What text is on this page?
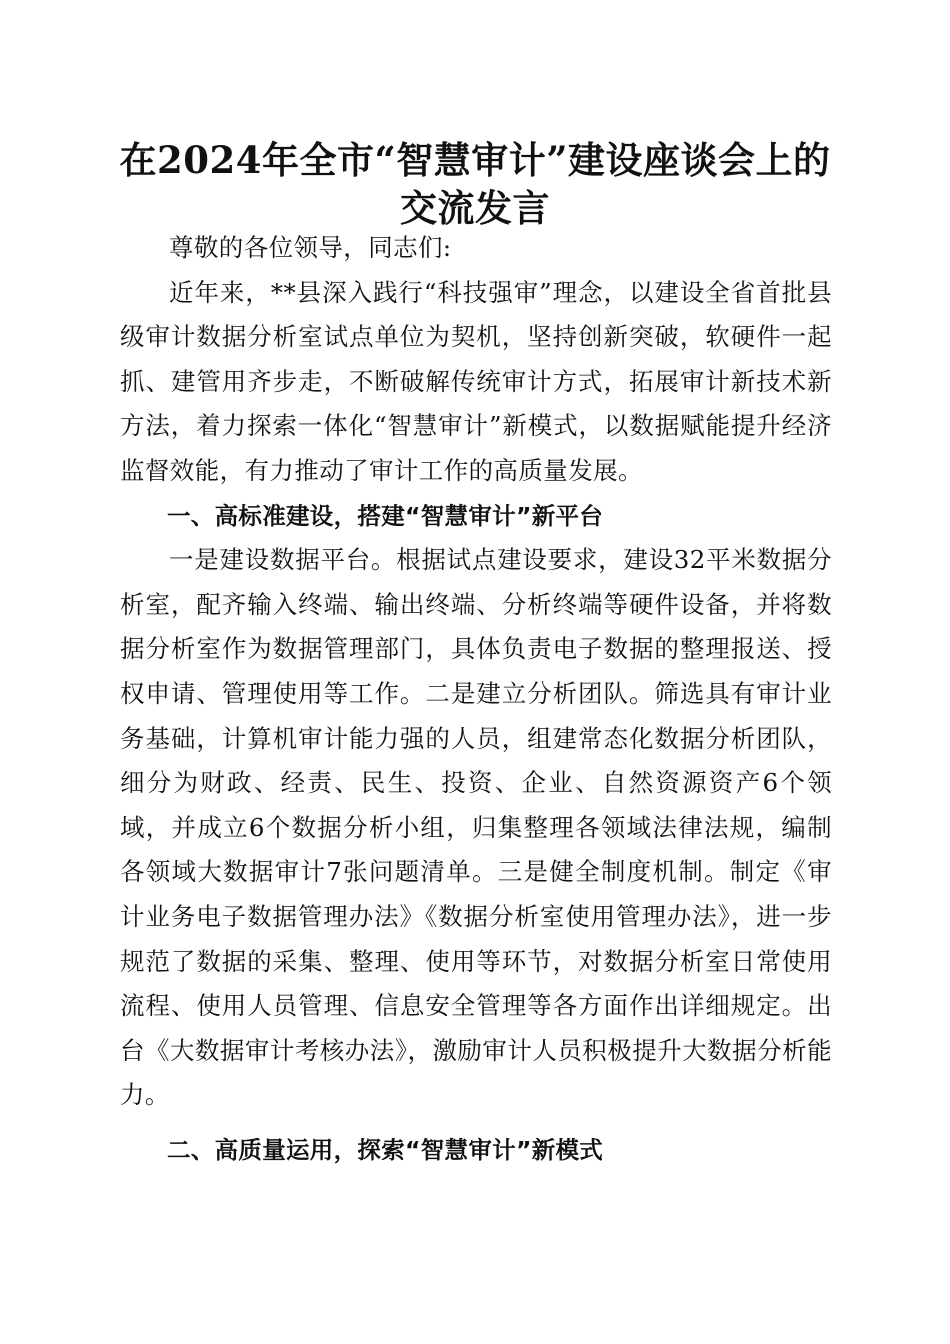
在2024年全市“智慧审计”建设座谈会上的
交流发言

尊敬的各位领导，同志们:

近年来，**县深入践行“科技强审”理念，以建设全省首批县级审计数据分析室试点单位为契机，坚持创新突破，软硬件一起抓、建管用齐步走，不断破解传统审计方式，拓展审计新技术新方法，着力探索一体化“智慧审计”新模式，以数据赋能提升经济监督效能，有力推动了审计工作的高质量发展。

一、高标准建设，搭建“智慧审计”新平台

一是建设数据平台。根据试点建设要求，建设32平米数据分析室，配齐输入终端、输出终端、分析终端等硬件设备，并将数据分析室作为数据管理部门，具体负责电子数据的整理报送、授权申请、管理使用等工作。二是建立分析团队。筛选具有审计业务基础，计算机审计能力强的人员，组建常态化数据分析团队，细分为财政、经责、民生、投资、企业、自然资源资产6个领域，并成立6个数据分析小组，归集整理各领域法律法规，编制各领域大数据审计7张问题清单。三是健全制度机制。制定《审计业务电子数据管理办法》《数据分析室使用管理办法》，进一步规范了数据的采集、整理、使用等环节，对数据分析室日常使用流程、使用人员管理、信息安全管理等各方面作出详细规定。出台《大数据审计考核办法》，激励审计人员积极提升大数据分析能力。

二、高质量运用，探索“智慧审计”新模式
